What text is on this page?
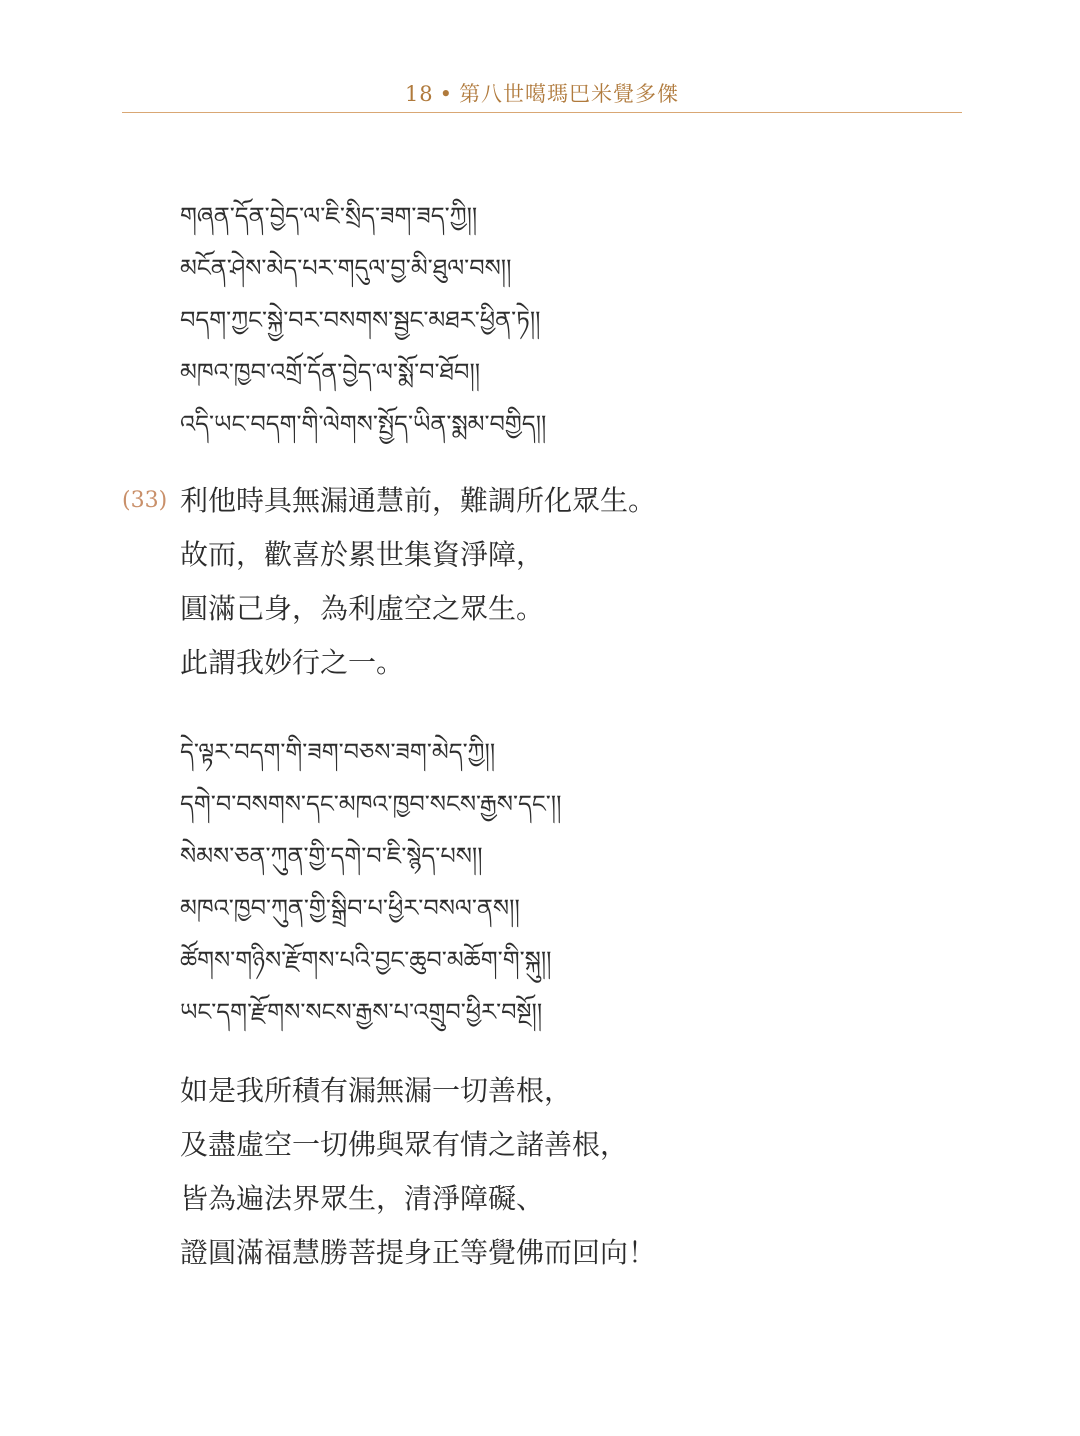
18 • 第八世噶瑪巴米覺多傑
གཞན་དོན་བྱེད་ལ་ཇི་སྲིད་ཟག་ཟད་ཀྱི།།
མངོན་ཤེས་མེད་པར་གདུལ་བྱ་མི་ཐུལ་བས།།
བདག་ཀྱང་སྐྱེ་བར་བསགས་སྦྱང་མཐར་ཕྱིན་ཏེ།།
མཁའ་ཁྱབ་འགྲོ་དོན་བྱེད་ལ་སྨོ་བ་ཐོབ།།
འདི་ཡང་བདག་གི་ལེགས་སྤྱོད་ཡིན་སྨམ་བགྱིད།།
(33) 利他時具無漏通慧前，難調所化眾生。
故而，歡喜於累世集資淨障，
圓滿己身，為利虛空之眾生。
此謂我妙行之一。
དེ་ལྟར་བདག་གི་ཟག་བཅས་ཟག་མེད་ཀྱི།།
དགེ་བ་བསགས་དང་མཁའ་ཁྱབ་སངས་རྒྱས་དང་།།
སེམས་ཅན་ཀུན་གྱི་དགེ་བ་ཇི་སྙེད་པས།།
མཁའ་ཁྱབ་ཀུན་གྱི་སྒྲིབ་པ་ཕྱིར་བསལ་ནས།།
ཚོགས་གཉིས་རྫོགས་པའི་བྱང་ཆུབ་མཆོག་གི་སྐུ།།
ཡང་དག་རྫོགས་སངས་རྒྱས་པ་འགྲུབ་ཕྱིར་བསྔོ།།
如是我所積有漏無漏一切善根，
及盡虛空一切佛與眾有情之諸善根，
皆為遍法界眾生，清淨障礙、
證圓滿福慧勝菩提身正等覺佛而回向！
